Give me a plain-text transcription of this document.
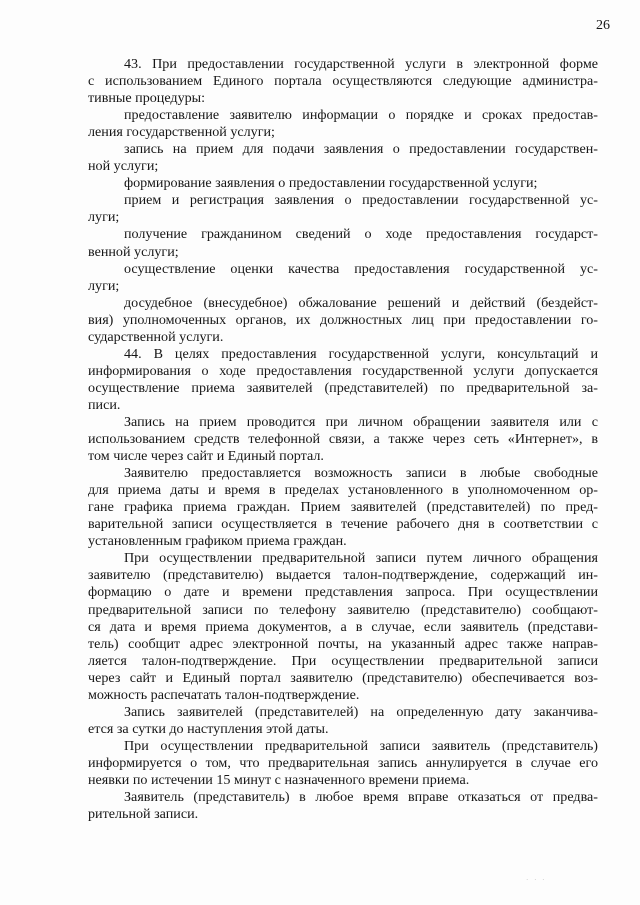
26

43. При предоставлении государственной услуги в электронной форме
с использованием Единого портала осуществляются следующие администра-
тивные процедуры:

предоставление заявителю информации о порядке и сроках предостав-
ления государственной услуги;

запись на прием для подачи заявления о предоставлении государствен-
ной услуги;

формирование заявления о предоставлении государственной услуги;

прием и регистрация заявления о предоставлении государственной ус-
луги;

получение гражданином сведений о ходе предоставления государст-
венной услуги;

осуществление оценки качества предоставления государственной ус-
луги;

досудебное (внесудебное) обжалование решений и действий (бездейст-
вия) уполномоченных органов, их должностных лиц при предоставлении го-
сударственной услуги.

44. В целях предоставления государственной услуги, консультаций и
информирования о ходе предоставления государственной услуги допускается
осуществление приема заявителей (представителей) по предварительной за-
писи.

Запись на прием проводится при личном обращении заявителя или с
использованием средств телефонной связи, а также через сеть «Интернет», в
том числе через сайт и Единый портал.

Заявителю предоставляется возможность записи в любые свободные
для приема даты и время в пределах установленного в уполномоченном ор-
гане графика приема граждан. Прием заявителей (представителей) по пред-
варительной записи осуществляется в течение рабочего дня в соответствии с
установленным графиком приема граждан.

При осуществлении предварительной записи путем личного обращения
заявителю (представителю) выдается талон-подтверждение, содержащий ин-
формацию о дате и времени представления запроса. При осуществлении
предварительной записи по телефону заявителю (представителю) сообщают-
ся дата и время приема документов, а в случае, если заявитель (представи-
тель) сообщит адрес электронной почты, на указанный адрес также направ-
ляется талон-подтверждение. При осуществлении предварительной записи
через сайт и Единый портал заявителю (представителю) обеспечивается воз-
можность распечатать талон-подтверждение.

Запись заявителей (представителей) на определенную дату заканчива-
ется за сутки до наступления этой даты.

При осуществлении предварительной записи заявитель (представитель)
информируется о том, что предварительная запись аннулируется в случае его
неявки по истечении 15 минут с назначенного времени приема.

Заявитель (представитель) в любое время вправе отказаться от предва-
рительной записи.

· · ·
